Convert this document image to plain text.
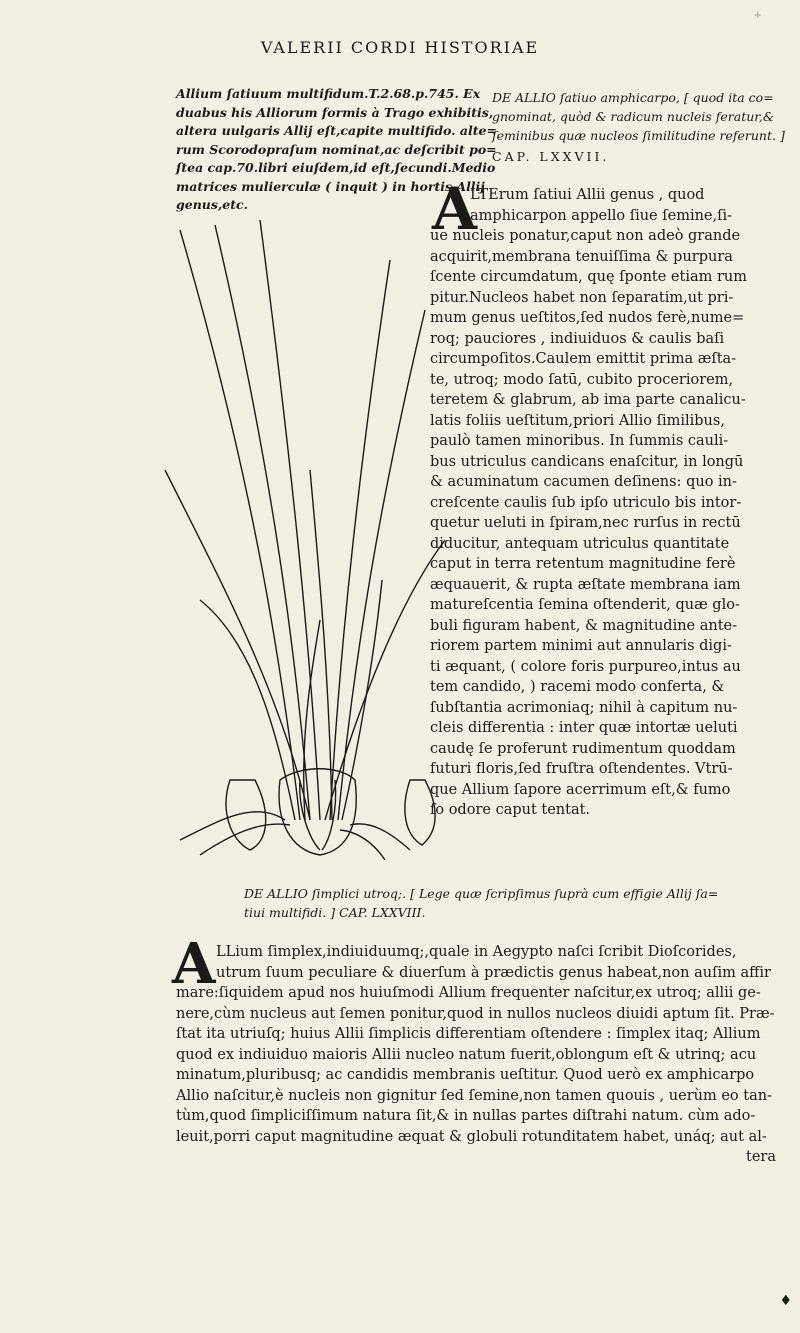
+
VALERII CORDI HISTORIAE
Allium ſatiuum multifidum.T.2.68.p.745. Ex
duabus his Alliorum formis à Trago exhibitis,
altera uulgaris Allij eſt,capite multifido. alte=
rum Scorodopraſum nominat,ac deſcribit po=
ſtea cap.70.libri eiuſdem,id eſt,ſecundi.Medio
matrices mulierculæ ( inquit ) in hortis Allij
genus,etc.
DE ALLIO ſatiuo amphicarpo, [ quod ita co=
gnominat, quòd & radicum nucleis feratur,&
ſeminibus quæ nucleos ſimilitudine referunt. ]
CAP. LXXVII.
A
LTErum ſatiui Allii genus , quod
amphicarpon appello ſiue ſemine,ſi-
ue nucleis ponatur,caput non adeò grande
acquirit,membrana tenuiſſima & purpura
ſcente circumdatum, quę ſponte etiam rum
pitur.Nucleos habet non ſeparatim,ut pri-
mum genus ueſtitos,ſed nudos ferè,nume=
roq; pauciores , indiuiduos & caulis baſi
circumpoſitos.Caulem emittit prima æſta-
te, utroq; modo ſatū, cubito proceriorem,
teretem & glabrum, ab ima parte canalicu-
latis foliis ueſtitum,priori Allio ſimilibus,
paulò tamen minoribus. In ſummis cauli-
bus utriculus candicans enaſcitur, in longū
& acuminatum cacumen deſinens: quo in-
creſcente caulis ſub ipſo utriculo bis intor-
quetur ueluti in ſpiram,nec rurſus in rectū
diducitur, antequam utriculus quantitate
caput in terra retentum magnitudine ferè
æquauerit, & rupta æſtate membrana iam
matureſcentia ſemina oſtenderit, quæ glo-
buli figuram habent, & magnitudine ante-
riorem partem minimi aut annularis digi-
ti æquant, ( colore foris purpureo,intus au
tem candido, ) racemi modo conferta, &
ſubſtantia acrimoniaq; nihil à capitum nu-
cleis differentia : inter quæ intortæ ueluti
caudę ſe proferunt rudimentum quoddam
futuri floris,ſed fruſtra oſtendentes. Vtrū-
que Allium ſapore acerrimum eſt,& fumo
ſo odore caput tentat.
DE ALLIO ſimplici utroq;. [ Lege quæ ſcripſimus ſuprà cum effigie Allij ſa=
tiui multifidi. ] CAP. LXXVIII.
A LLium ſimplex,indiuiduumq;,quale in Aegypto naſci ſcribit Dioſcorides,
utrum ſuum peculiare & diuerſum à prædictis genus habeat,non auſim affir
mare:ſiquidem apud nos huiuſmodi Allium frequenter naſcitur,ex utroq; allii ge-
nere,cùm nucleus aut ſemen ponitur,quod in nullos nucleos diuidi aptum ſit. Præ-
ſtat ita utriuſq; huius Allii ſimplicis differentiam oſtendere : ſimplex itaq; Allium
quod ex indiuiduo maioris Allii nucleo natum fuerit,oblongum eſt & utrinq; acu
minatum,pluribusq; ac candidis membranis ueſtitur. Quod uerò ex amphicarpo
Allio naſcitur,è nucleis non gignitur ſed ſemine,non tamen quouis , uerùm eo tan-
tùm,quod ſimpliciſſimum natura ſit,& in nullas partes diſtrahi natum. cùm ado-
leuit,porri caput magnitudine æquat & globuli rotunditatem habet, unáq; aut al-
tera
♦
